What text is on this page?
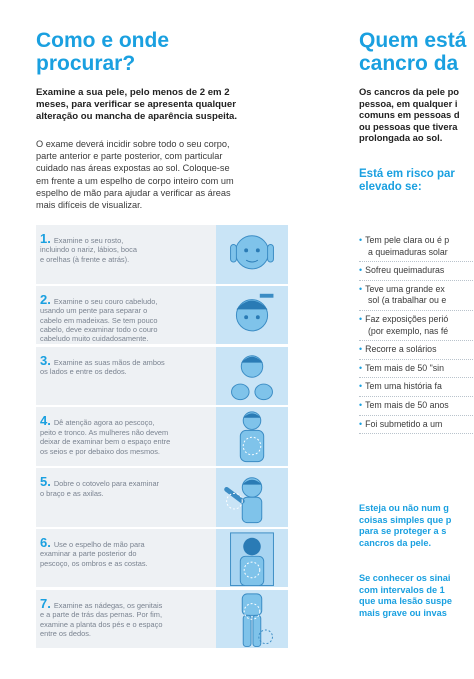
Como e onde
procurar?
Examine a sua pele, pelo menos de 2 em 2
meses, para verificar se apresenta qualquer
alteração ou mancha de aparência suspeita.
O exame deverá incidir sobre todo o seu corpo,
parte anterior e parte posterior, com particular
cuidado nas áreas expostas ao sol. Coloque-se
em frente a um espelho de corpo inteiro com um
espelho de mão para ajudar a verificar as áreas
mais difíceis de visualizar.
1. Examine o seu rosto,
incluindo o nariz, lábios, boca
e orelhas (à frente e atrás).
2. Examine o seu couro cabeludo,
usando um pente para separar o
cabelo em madeixas. Se tem pouco
cabelo, deve examinar todo o couro
cabeludo muito cuidadosamente.
3. Examine as suas mãos de ambos
os lados e entre os dedos.
4. Dê atenção agora ao pescoço,
peito e tronco. As mulheres não devem
deixar de examinar bem o espaço entre
os seios e por debaixo dos mesmos.
5. Dobre o cotovelo para examinar
o braço e as axilas.
6. Use o espelho de mão para
examinar a parte posterior do
pescoço, os ombros e as costas.
7. Examine as nádegas, os genitais
e a parte de trás das pernas. Por fim,
examine a planta dos pés e o espaço
entre os dedos.
Quem está
cancro da
Os cancros da pele po
pessoa, em qualquer i
comuns em pessoas d
ou pessoas que tivera
prolongada ao sol.
Está em risco par
elevado se:
• Tem pele clara ou é p
a queimaduras solar
• Sofreu queimaduras
• Teve uma grande ex
sol (a trabalhar ou e
• Faz exposições perió
(por exemplo, nas fé
• Recorre a solários
• Tem mais de 50 "sin
• Tem uma história fa
• Tem mais de 50 anos
• Foi submetido a um
Esteja ou não num g
coisas simples que p
para se proteger a s
cancros da pele.
Se conhecer os sinai
com intervalos de 1
que uma lesão suspe
mais grave ou invas
